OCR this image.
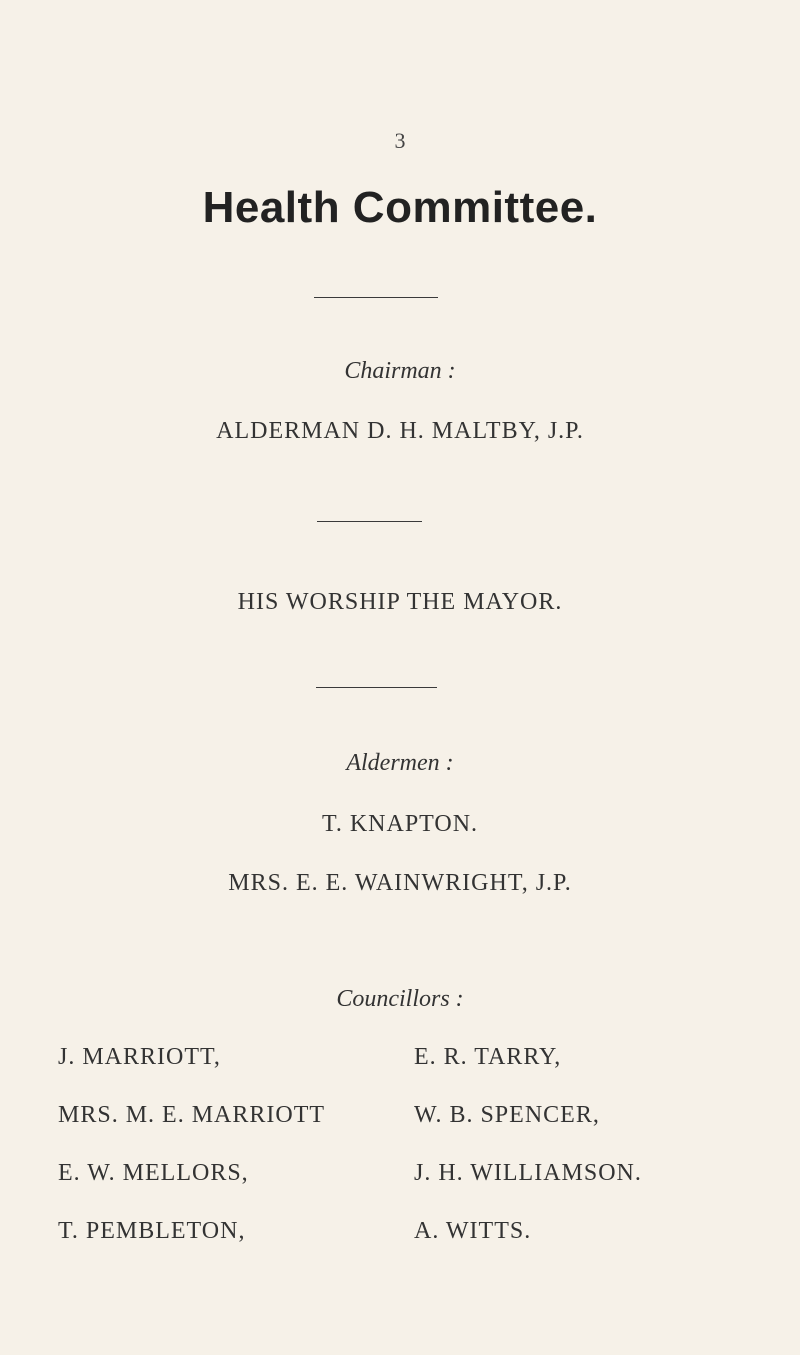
3
Health Committee.
Chairman :
ALDERMAN D. H. MALTBY, J.P.
HIS WORSHIP THE MAYOR.
Aldermen :
T. KNAPTON.
MRS. E. E. WAINWRIGHT, J.P.
Councillors :
J. MARRIOTT,
MRS. M. E. MARRIOTT
E. W. MELLORS,
T. PEMBLETON,
E. R. TARRY,
W. B. SPENCER,
J. H. WILLIAMSON.
A. WITTS.
